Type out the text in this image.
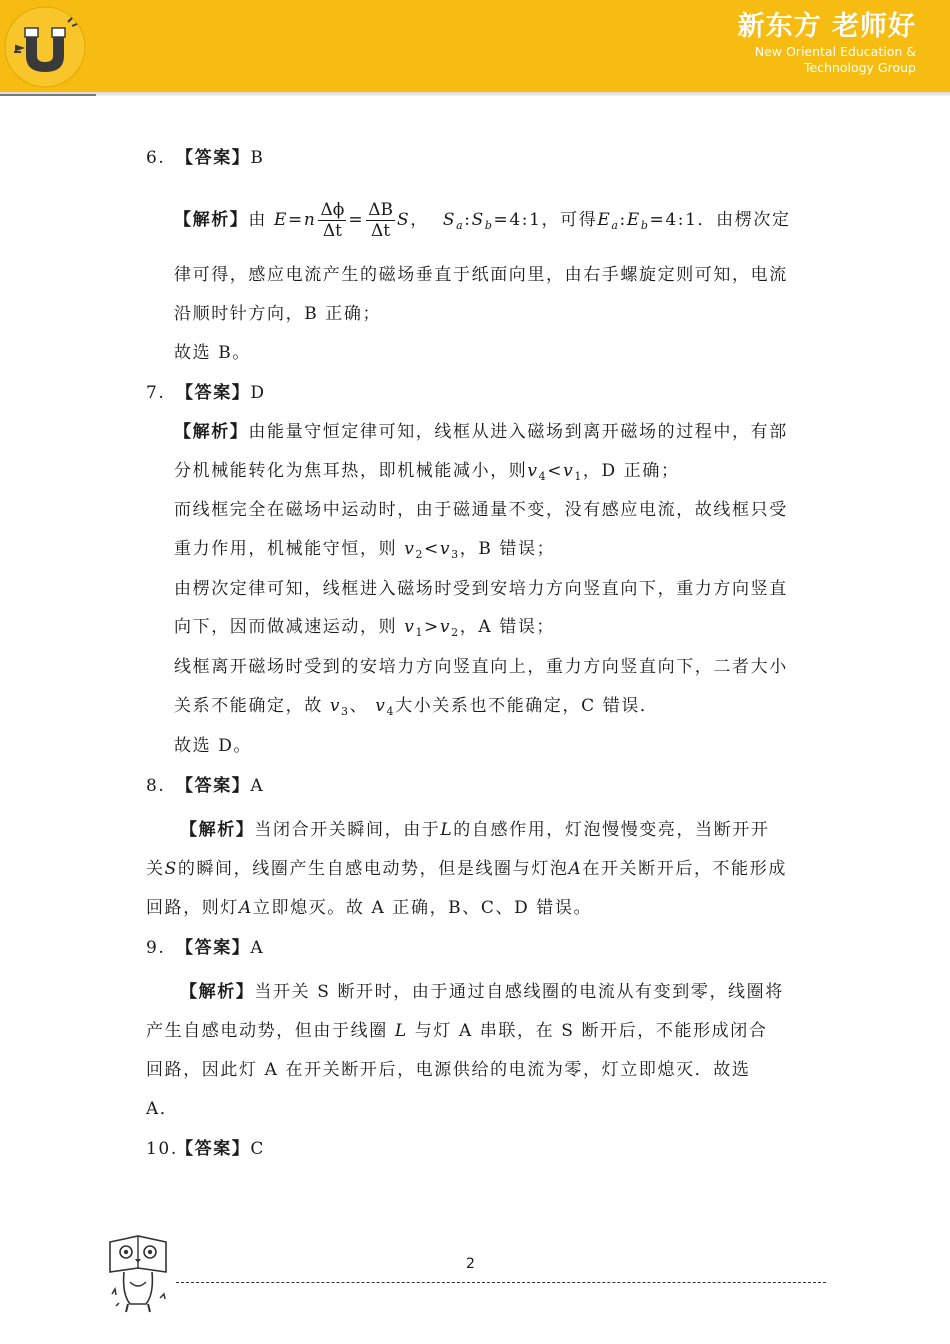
新东方 老师好
New Oriental Education &
Technology Group
6. 【答案】B
【解析】由 $E=n \frac{\Delta\phi}{\Delta t} = \frac{\Delta B}{\Delta t}$ S， $S_a:S_b=4:1$，可得$E_a:E_b=4:1$．由楞次定
律可得，感应电流产生的磁场垂直于纸面向里，由右手螺旋定则可知，电流
沿顺时针方向，B 正确；
故选 B。
7. 【答案】D
【解析】由能量守恒定律可知，线框从进入磁场到离开磁场的过程中，有部
分机械能转化为焦耳热，即机械能减小，则$v_4<v_1$，D 正确；
而线框完全在磁场中运动时，由于磁通量不变，没有感应电流，故线框只受
重力作用，机械能守恒，则 $v_2<v_3$，B 错误；
由楞次定律可知，线框进入磁场时受到安培力方向竖直向下，重力方向竖直
向下，因而做减速运动，则 $v_1>v_2$，A 错误；
线框离开磁场时受到的安培力方向竖直向上，重力方向竖直向下，二者大小
关系不能确定，故 $v_3$、 $v_4$大小关系也不能确定，C 错误．
故选 D。
8. 【答案】A
【解析】当闭合开关瞬间，由于L的自感作用，灯泡慢慢变亮，当断开开
关S的瞬间，线圈产生自感电动势，但是线圈与灯泡A在开关断开后，不能形成
回路，则灯A立即熄灭。故 A 正确，B、C、D 错误。
9. 【答案】A
【解析】当开关 S 断开时，由于通过自感线圈的电流从有变到零，线圈将
产生自感电动势，但由于线圈 L 与灯 A 串联，在 S 断开后，不能形成闭合
回路，因此灯 A 在开关断开后，电源供给的电流为零，灯立即熄灭．故选
A．
10.【答案】C
2
